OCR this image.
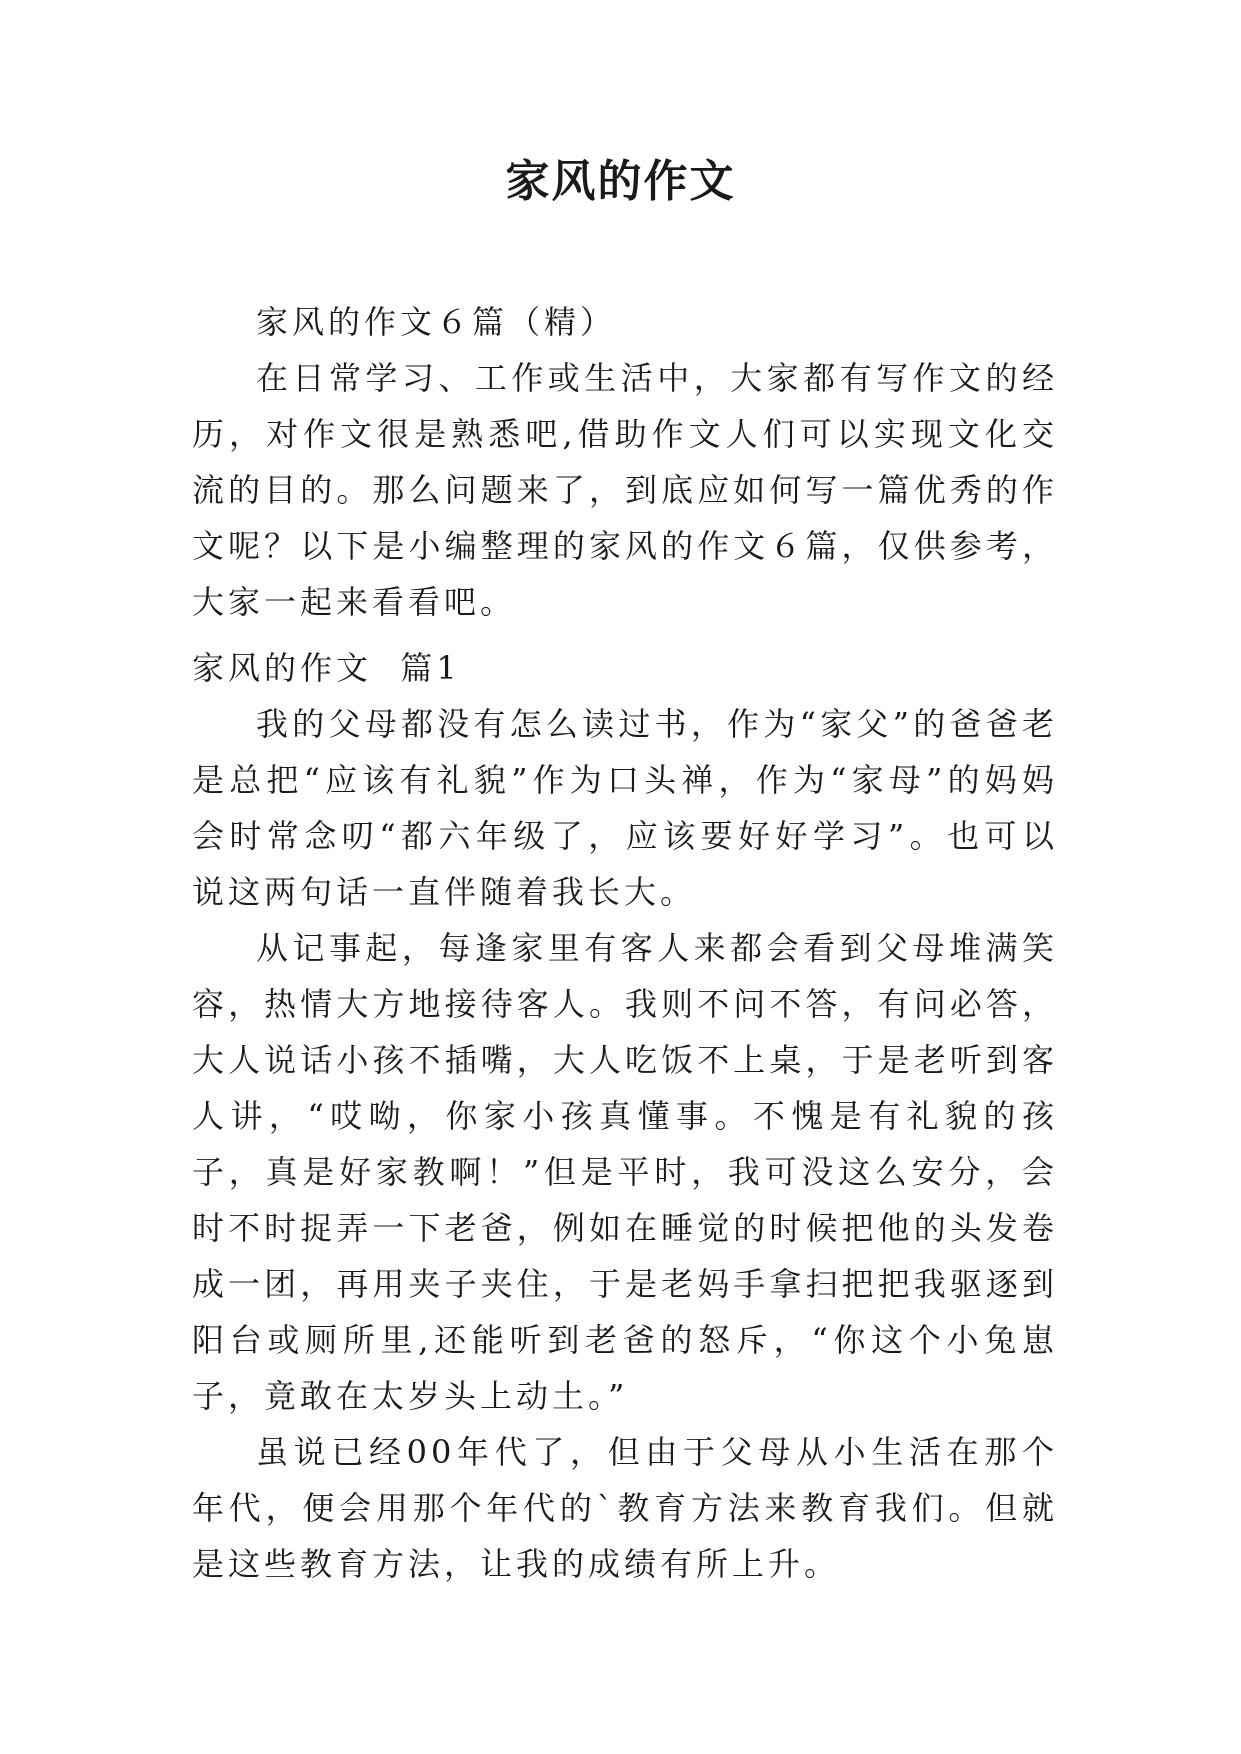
家风的作文

家风的作文６篇（精）

在日常学习、工作或生活中，大家都有写作文的经历，对作文很是熟悉吧,借助作文人们可以实现文化交流的目的。那么问题来了，到底应如何写一篇优秀的作文呢？以下是小编整理的家风的作文６篇，仅供参考，大家一起来看看吧。

家风的作文  篇1

我的父母都没有怎么读过书，作为“家父”的爸爸老是总把“应该有礼貌”作为口头禅，作为“家母”的妈妈会时常念叨“都六年级了，应该要好好学习”。也可以说这两句话一直伴随着我长大。

从记事起，每逢家里有客人来都会看到父母堆满笑容，热情大方地接待客人。我则不问不答，有问必答，大人说话小孩不插嘴，大人吃饭不上桌，于是老听到客人讲，“哎呦，你家小孩真懂事。不愧是有礼貌的孩子，真是好家教啊！”但是平时，我可没这么安分，会时不时捉弄一下老爸，例如在睡觉的时候把他的头发卷成一团，再用夹子夹住，于是老妈手拿扫把把我驱逐到阳台或厕所里,还能听到老爸的怒斥，“你这个小兔崽子，竟敢在太岁头上动土。”

虽说已经00年代了，但由于父母从小生活在那个年代，便会用那个年代的`教育方法来教育我们。但就是这些教育方法，让我的成绩有所上升。
